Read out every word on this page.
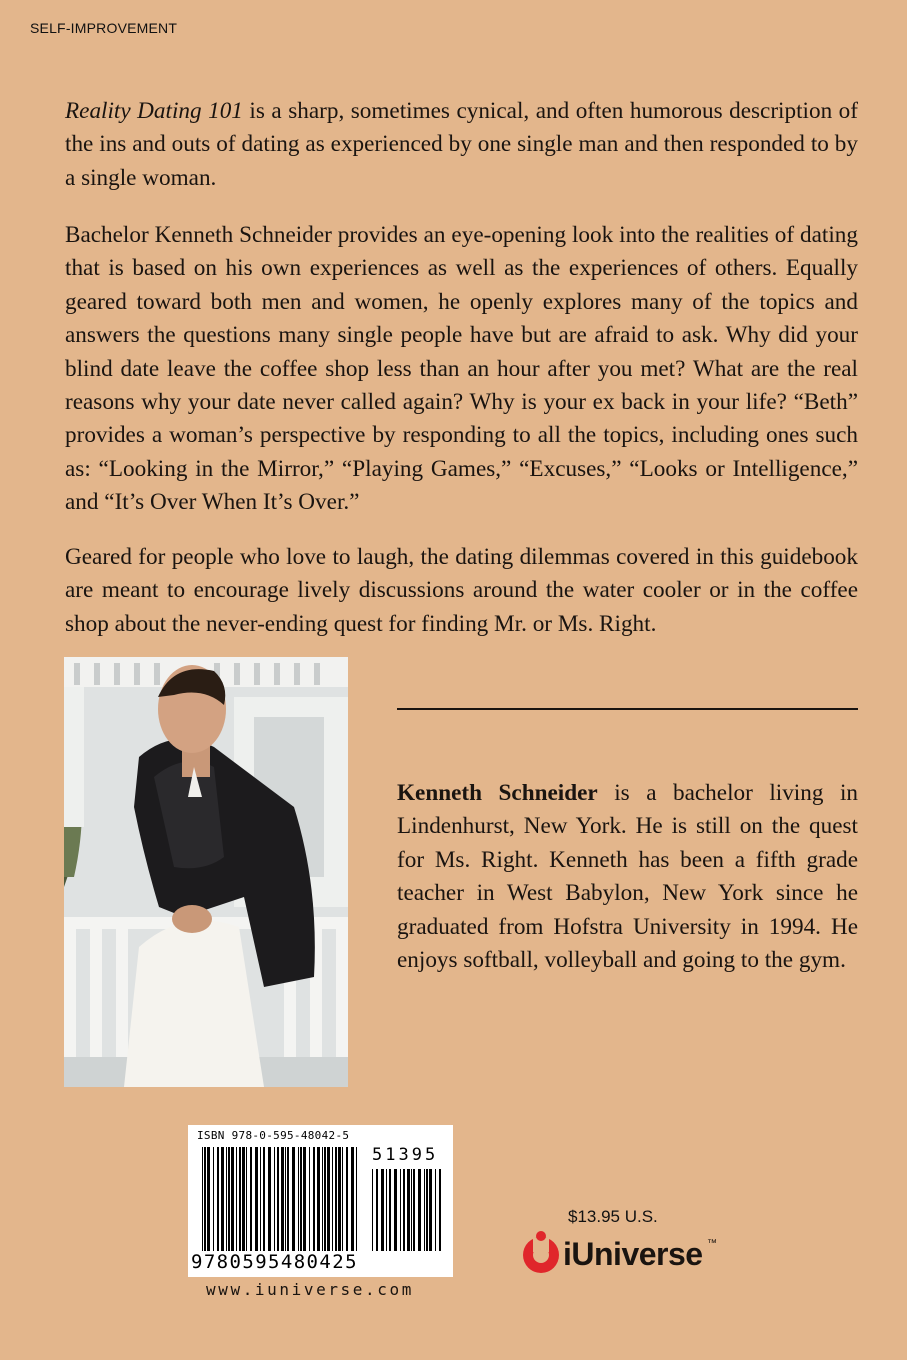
SELF-IMPROVEMENT

Reality Dating 101 is a sharp, sometimes cynical, and often humorous description of the ins and outs of dating as experienced by one single man and then responded to by a single woman.

Bachelor Kenneth Schneider provides an eye-opening look into the realities of dating that is based on his own experiences as well as the experiences of others. Equally geared toward both men and women, he openly explores many of the topics and answers the questions many single people have but are afraid to ask. Why did your blind date leave the coffee shop less than an hour after you met? What are the real reasons why your date never called again? Why is your ex back in your life? “Beth” provides a woman’s perspective by responding to all the topics, including ones such as: “Looking in the Mirror,” “Playing Games,” “Excuses,” “Looks or Intelligence,” and “It’s Over When It’s Over.”

Geared for people who love to laugh, the dating dilemmas covered in this guidebook are meant to encourage lively discussions around the water cooler or in the coffee shop about the never-ending quest for finding Mr. or Ms. Right.

Kenneth Schneider is a bachelor living in Lindenhurst, New York. He is still on the quest for Ms. Right. Kenneth has been a fifth grade teacher in West Babylon, New York since he graduated from Hofstra University in 1994. He enjoys softball, volleyball and going to the gym.

ISBN 978-0-595-48042-5
51395
9780595480425
www.iuniverse.com
$13.95 U.S.
iUniverse ™
